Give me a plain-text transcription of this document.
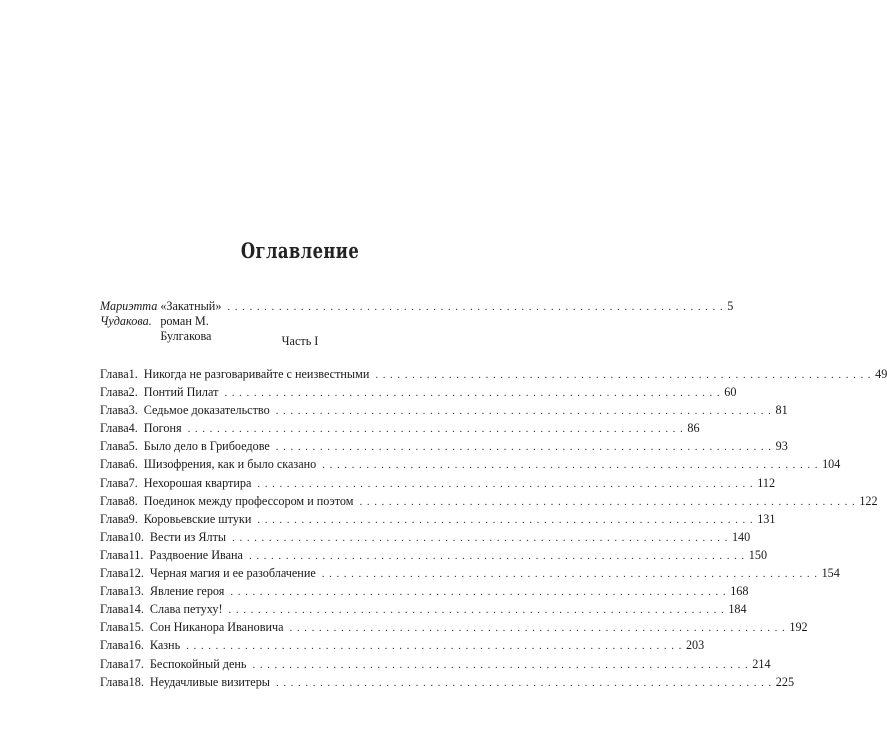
Оглавление
Мариэтта Чудакова.
«Закатный» роман М. Булгакова
.................................................................... 5
Часть I
Глава 1. Никогда не разговаривайте с неизвестными .................................................................... 49
Глава 2. Понтий Пилат .................................................................... 60
Глава 3. Седьмое доказательство .................................................................... 81
Глава 4. Погоня .................................................................... 86
Глава 5. Было дело в Грибоедове .................................................................... 93
Глава 6. Шизофрения, как и было сказано .................................................................... 104
Глава 7. Нехорошая квартира .................................................................... 112
Глава 8. Поединок между профессором и поэтом .................................................................... 122
Глава 9. Коровьевские штуки .................................................................... 131
Глава 10. Вести из Ялты .................................................................... 140
Глава 11. Раздвоение Ивана .................................................................... 150
Глава 12. Черная магия и ее разоблачение .................................................................... 154
Глава 13. Явление героя .................................................................... 168
Глава 14. Слава петуху! .................................................................... 184
Глава 15. Сон Никанора Ивановича .................................................................... 192
Глава 16. Казнь .................................................................... 203
Глава 17. Беспокойный день .................................................................... 214
Глава 18. Неудачливые визитеры .................................................................... 225
